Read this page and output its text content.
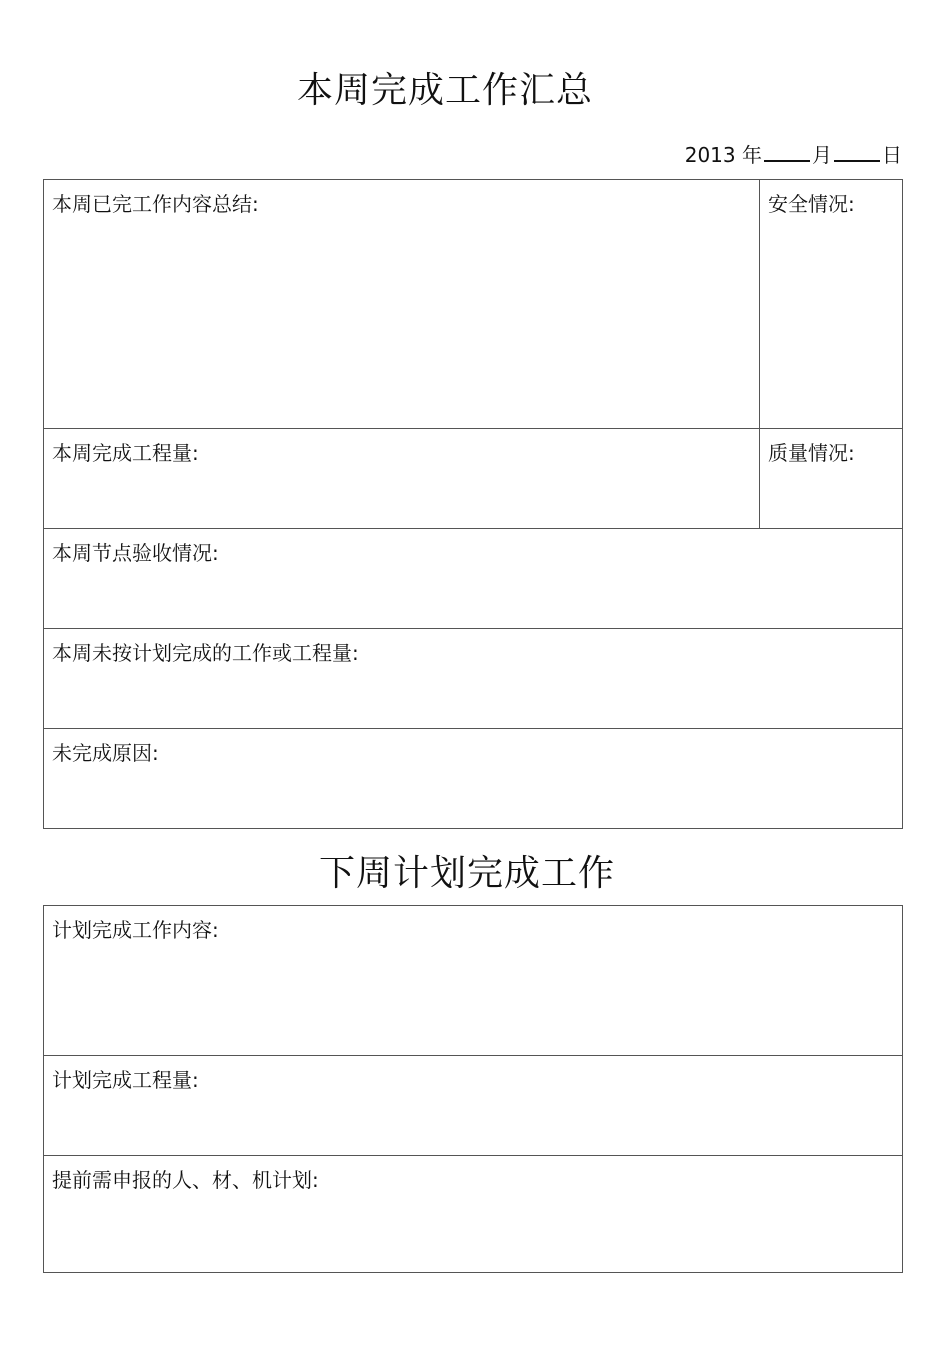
本周完成工作汇总
2013 年	月	日
本周已完工作内容总结:	安全情况:
本周完成工程量:	质量情况:
本周节点验收情况:	
本周未按计划完成的工作或工程量:	
未完成原因:	
下周计划完成工作
计划完成工作内容:
计划完成工程量:
提前需申报的人、材、机计划:
